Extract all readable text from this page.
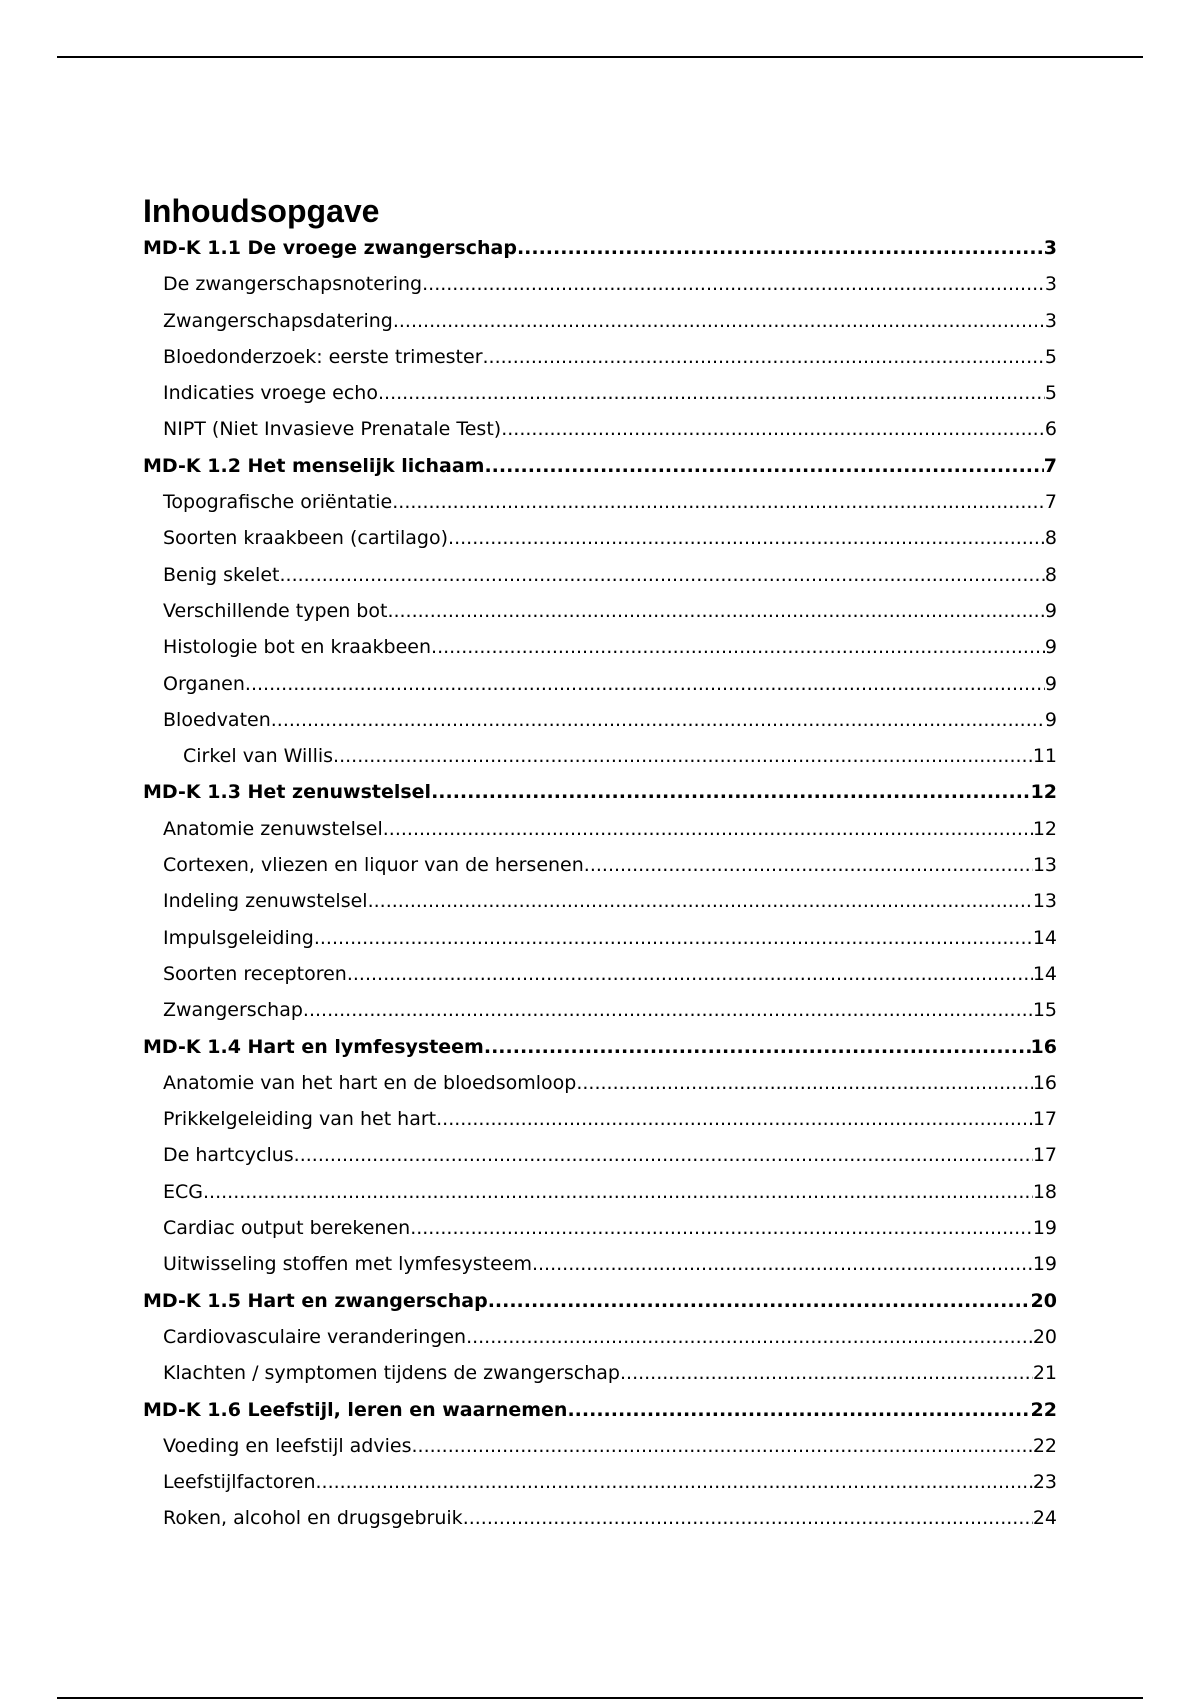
Inhoudsopgave
MD-K 1.1 De vroege zwangerschap .....	3
De zwangerschapsnotering .....	3
Zwangerschapsdatering .....	3
Bloedonderzoek: eerste trimester .....	5
Indicaties vroege echo .....	5
NIPT (Niet Invasieve Prenatale Test) .....	6
MD-K 1.2 Het menselijk lichaam .....	7
Topografische oriëntatie .....	7
Soorten kraakbeen (cartilago) .....	8
Benig skelet .....	8
Verschillende typen bot .....	9
Histologie bot en kraakbeen .....	9
Organen .....	9
Bloedvaten .....	9
Cirkel van Willis .....	11
MD-K 1.3 Het zenuwstelsel .....	12
Anatomie zenuwstelsel .....	12
Cortexen, vliezen en liquor van de hersenen .....	13
Indeling zenuwstelsel .....	13
Impulsgeleiding .....	14
Soorten receptoren .....	14
Zwangerschap .....	15
MD-K 1.4 Hart en lymfesysteem .....	16
Anatomie van het hart en de bloedsomloop .....	16
Prikkelgeleiding van het hart .....	17
De hartcyclus .....	17
ECG .....	18
Cardiac output berekenen .....	19
Uitwisseling stoffen met lymfesysteem .....	19
MD-K 1.5 Hart en zwangerschap .....	20
Cardiovasculaire veranderingen .....	20
Klachten / symptomen tijdens de zwangerschap .....	21
MD-K 1.6 Leefstijl, leren en waarnemen .....	22
Voeding en leefstijl advies .....	22
Leefstijlfactoren .....	23
Roken, alcohol en drugsgebruik .....	24
